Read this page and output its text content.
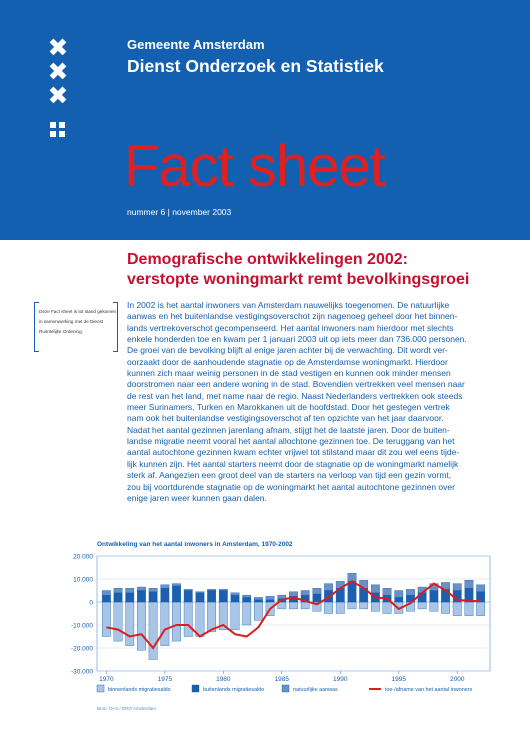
✖
✖
✖
Gemeente Amsterdam
Dienst Onderzoek en Statistiek
Fact sheet
nummer 6 | november 2003
Demografische ontwikkelingen 2002:
verstopte woningmarkt remt bevolkingsgroei
Deze Fact sheet is tot stand gekomen in samenwerking met de Dienst Ruimtelijke Ordening.

In 2002 is het aantal inwoners van Amsterdam nauwelijks toegenomen. De natuurlijke
aanwas en het buitenlandse vestigingsoverschot zijn nagenoeg geheel door het binnen-
lands vertrekoverschot gecompenseerd. Het aantal inwoners nam hierdoor met slechts
enkele honderden toe en kwam per 1 januari 2003 uit op iets meer dan 736.000 personen.
De groei van de bevolking blijft al enige jaren achter bij de verwachting. Dit wordt ver-
oorzaakt door de aanhoudende stagnatie op de Amsterdamse woningmarkt. Hierdoor
kunnen zich maar weinig personen in de stad vestigen en kunnen ook minder mensen
doorstromen naar een andere woning in de stad. Bovendien vertrekken veel mensen naar
de rest van het land, met name naar de regio. Naast Nederlanders vertrekken ook steeds
meer Surinamers, Turken en Marokkanen uit de hoofdstad. Door het gestegen vertrek
nam ook het buitenlandse vestigingsoverschot af ten opzichte van het jaar daarvoor.
Nadat het aantal gezinnen jarenlang afnam, stijgt het de laatste jaren. Door de buiten-
landse migratie neemt vooral het aantal allochtone gezinnen toe. De teruggang van het
aantal autochtone gezinnen kwam echter vrijwel tot stilstand maar dit zou wel eens tijde-
lijk kunnen zijn. Het aantal starters neemt door de stagnatie op de woningmarkt namelijk
sterk af. Aangezien een groot deel van de starters na verloop van tijd een gezin vormt,
zou bij voortdurende stagnatie op de woningmarkt het aantal autochtone gezinnen over
enige jaren weer kunnen gaan dalen.

Ontwikkeling van het aantal inwoners in Amsterdam, 1970-2002
20.000
10.000
0
-10.000
-20.000
-30.000
1970	1975	1980	1985	1990	1995	2000
binnenlands migratiesaldo	buitenlands migratiesaldo	natuurlijke aanwas	toe-/afname van het aantal inwoners
Bron: O+S / DRO Amsterdam
